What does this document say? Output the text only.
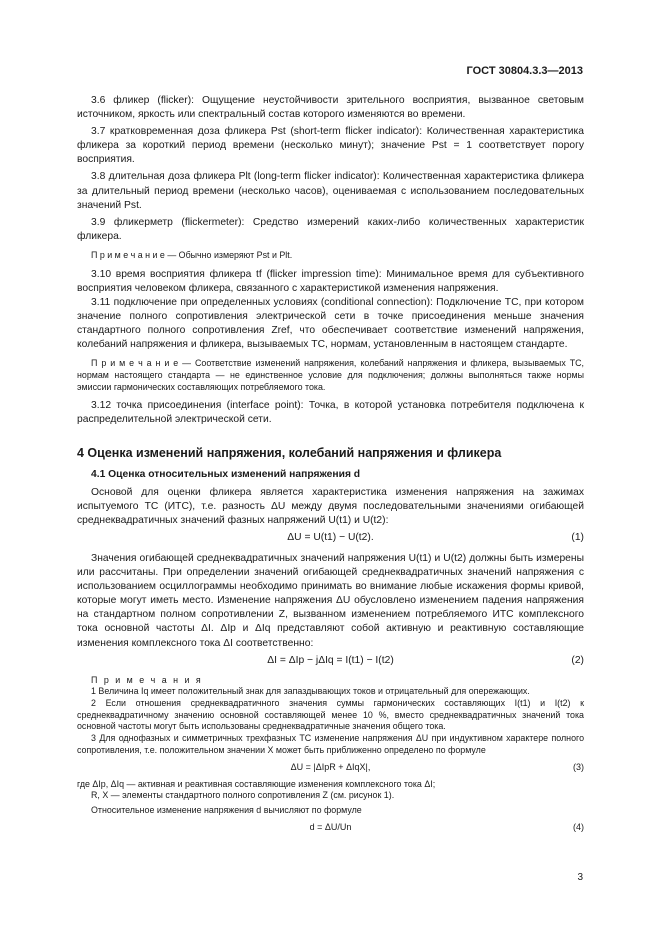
ГОСТ 30804.3.3—2013

3.6 фликер (flicker): Ощущение неустойчивости зрительного восприятия, вызванное световым источником, яркость или спектральный состав которого изменяются во времени.

3.7 кратковременная доза фликера Pst (short-term flicker indicator): Количественная характеристика фликера за короткий период времени (несколько минут); значение Pst = 1 соответствует порогу восприятия.

3.8 длительная доза фликера Plt (long-term flicker indicator): Количественная характеристика фликера за длительный период времени (несколько часов), оцениваемая с использованием последовательных значений Pst.

3.9 фликерметр (flickermeter): Средство измерений каких-либо количественных характеристик фликера.

П р и м е ч а н и е — Обычно измеряют Pst и Plt.

3.10 время восприятия фликера tf (flicker impression time): Минимальное время для субъективного восприятия человеком фликера, связанного с характеристикой изменения напряжения.

3.11 подключение при определенных условиях (conditional connection): Подключение ТС, при котором значение полного сопротивления электрической сети в точке присоединения меньше значения стандартного полного сопротивления Zref, что обеспечивает соответствие изменений напряжения, колебаний напряжения и фликера, вызываемых ТС, нормам, установленным в настоящем стандарте.

П р и м е ч а н и е — Соответствие изменений напряжения, колебаний напряжения и фликера, вызываемых ТС, нормам настоящего стандарта — не единственное условие для подключения; должны выполняться также нормы эмиссии гармонических составляющих потребляемого тока.

3.12 точка присоединения (interface point): Точка, в которой установка потребителя подключена к распределительной электрической сети.

4 Оценка изменений напряжения, колебаний напряжения и фликера
4.1 Оценка относительных изменений напряжения d

Основой для оценки фликера является характеристика изменения напряжения на зажимах испытуемого ТС (ИТС), т.е. разность ΔU между двумя последовательными значениями огибающей среднеквадратичных значений фазных напряжений U(t1) и U(t2):

ΔU = U(t1) − U(t2).	(1)

Значения огибающей среднеквадратичных значений напряжения U(t1) и U(t2) должны быть измерены или рассчитаны. При определении значений огибающей среднеквадратичных значений напряжения с использованием осциллограммы необходимо принимать во внимание любые искажения формы кривой, которые могут иметь место. Изменение напряжения ΔU обусловлено изменением падения напряжения на стандартном полном сопротивлении Z, вызванном изменением потребляемого ИТС комплексного тока основной частоты ΔI. ΔIp и ΔIq представляют собой активную и реактивную составляющие изменения комплексного тока ΔI соответственно:

ΔI = ΔIp − jΔIq = I(t1) − I(t2)	(2)

П р и м е ч а н и я

1 Величина Iq имеет положительный знак для запаздывающих токов и отрицательный для опережающих.

2 Если отношения среднеквадратичного значения суммы гармонических составляющих I(t1) и I(t2) к среднеквадратичному значению основной составляющей менее 10 %, вместо среднеквадратичных значений тока основной частоты могут быть использованы среднеквадратичные значения общего тока.

3 Для однофазных и симметричных трехфазных ТС изменение напряжения ΔU при индуктивном характере полного сопротивления, т.е. положительном значении X может быть приближенно определено по формуле

ΔU = |ΔIpR + ΔIqX|,	(3)

где ΔIp, ΔIq — активная и реактивная составляющие изменения комплексного тока ΔI;

R, X — элементы стандартного полного сопротивления Z (см. рисунок 1).

Относительное изменение напряжения d вычисляют по формуле

d = ΔU/Un	(4)
3
